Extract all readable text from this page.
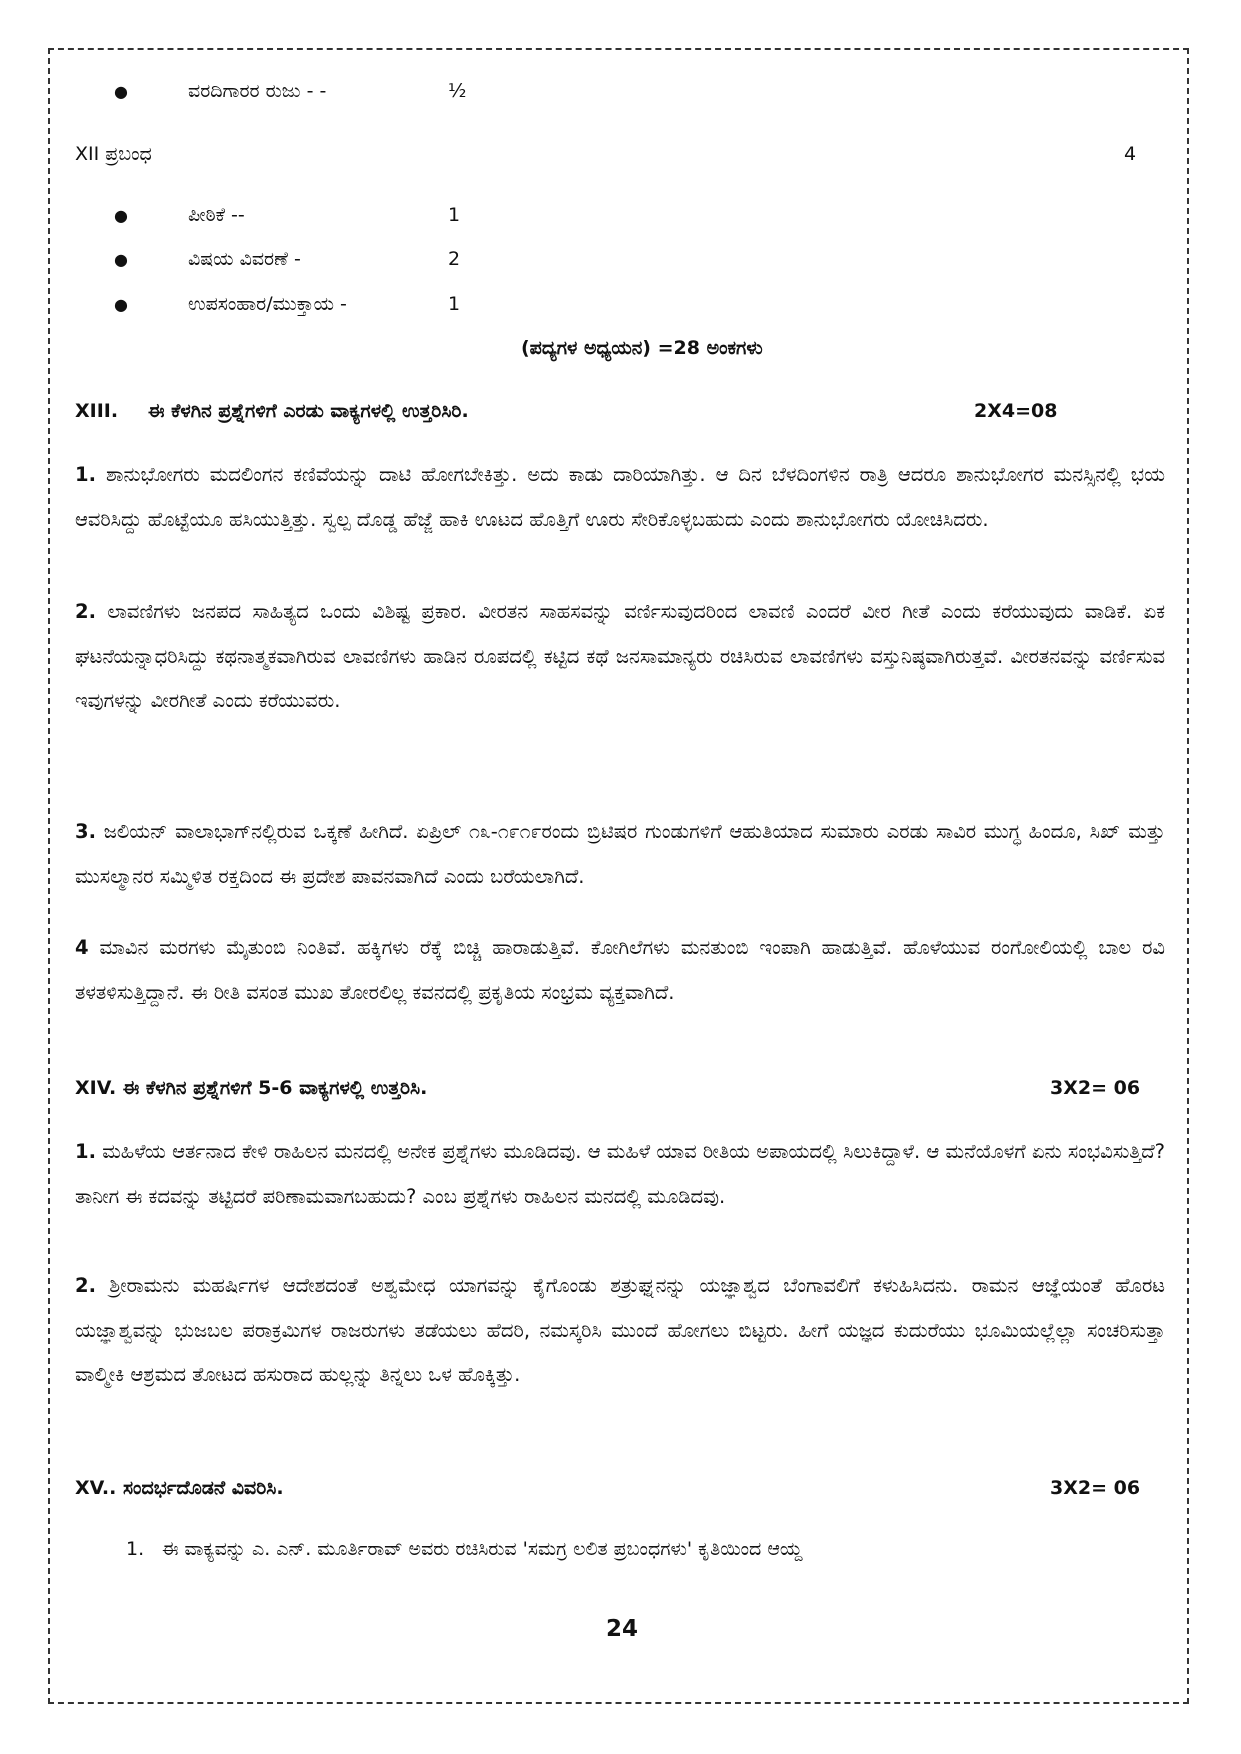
●	ವರದಿಗಾರರ ರುಜು - -	½
XII ಪ್ರಬಂಧ	4
●	ಪೀಠಿಕೆ --	1
●	ವಿಷಯ ವಿವರಣೆ -	2
●	ಉಪಸಂಹಾರ/ಮುಕ್ತಾಯ -	1
(ಪದ್ಯಗಳ ಅಧ್ಯಯನ) =28 ಅಂಕಗಳು
XIII. ಈ ಕೆಳಗಿನ ಪ್ರಶ್ನೆಗಳಿಗೆ ಎರಡು ವಾಕ್ಯಗಳಲ್ಲಿ ಉತ್ತರಿಸಿರಿ.	2X4=08
1. ಶಾನುಭೋಗರು ಮದಲಿಂಗನ ಕಣಿವೆಯನ್ನು ದಾಟಿ ಹೋಗಬೇಕಿತ್ತು. ಅದು ಕಾಡು ದಾರಿಯಾಗಿತ್ತು. ಆ ದಿನ ಬೆಳದಿಂಗಳಿನ ರಾತ್ರಿ ಆದರೂ ಶಾನುಭೋಗರ ಮನಸ್ಸಿನಲ್ಲಿ ಭಯ ಆವರಿಸಿದ್ದು ಹೊಟ್ಟೆಯೂ ಹಸಿಯುತ್ತಿತ್ತು. ಸ್ವಲ್ಪ ದೊಡ್ಡ ಹೆಜ್ಜೆ ಹಾಕಿ ಊಟದ ಹೊತ್ತಿಗೆ ಊರು ಸೇರಿಕೊಳ್ಳಬಹುದು ಎಂದು ಶಾನುಭೋಗರು ಯೋಚಿಸಿದರು.
2. ಲಾವಣಿಗಳು ಜನಪದ ಸಾಹಿತ್ಯದ ಒಂದು ವಿಶಿಷ್ಟ ಪ್ರಕಾರ. ವೀರತನ ಸಾಹಸವನ್ನು ವರ್ಣಿಸುವುದರಿಂದ ಲಾವಣಿ ಎಂದರೆ ವೀರ ಗೀತೆ ಎಂದು ಕರೆಯುವುದು ವಾಡಿಕೆ. ಏಕ ಘಟನೆಯನ್ನಾಧರಿಸಿದ್ದು ಕಥನಾತ್ಮಕವಾಗಿರುವ ಲಾವಣಿಗಳು ಹಾಡಿನ ರೂಪದಲ್ಲಿ ಕಟ್ಟಿದ ಕಥೆ ಜನಸಾಮಾನ್ಯರು ರಚಿಸಿರುವ ಲಾವಣಿಗಳು ವಸ್ತುನಿಷ್ಠವಾಗಿರುತ್ತವೆ. ವೀರತನವನ್ನು ವರ್ಣಿಸುವ ಇವುಗಳನ್ನು ವೀರಗೀತೆ ಎಂದು ಕರೆಯುವರು.
3. ಜಲಿಯನ್ ವಾಲಾಭಾಗ್‌ನಲ್ಲಿರುವ ಒಕ್ಕಣೆ ಹೀಗಿದೆ. ಏಪ್ರಿಲ್ ೧೩-೧೯೧೯ರಂದು ಬ್ರಿಟಿಷರ ಗುಂಡುಗಳಿಗೆ ಆಹುತಿಯಾದ ಸುಮಾರು ಎರಡು ಸಾವಿರ ಮುಗ್ಧ ಹಿಂದೂ, ಸಿಖ್ ಮತ್ತು ಮುಸಲ್ಮಾನರ ಸಮ್ಮಿಳಿತ ರಕ್ತದಿಂದ ಈ ಪ್ರದೇಶ ಪಾವನವಾಗಿದೆ ಎಂದು ಬರೆಯಲಾಗಿದೆ.
4 ಮಾವಿನ ಮರಗಳು ಮೈತುಂಬಿ ನಿಂತಿವೆ. ಹಕ್ಕಿಗಳು ರೆಕ್ಕೆ ಬಿಚ್ಚಿ ಹಾರಾಡುತ್ತಿವೆ. ಕೋಗಿಲೆಗಳು ಮನತುಂಬಿ ಇಂಪಾಗಿ ಹಾಡುತ್ತಿವೆ. ಹೊಳೆಯುವ ರಂಗೋಲಿಯಲ್ಲಿ ಬಾಲ ರವಿ ತಳತಳಿಸುತ್ತಿದ್ದಾನೆ. ಈ ರೀತಿ ವಸಂತ ಮುಖ ತೋರಲಿಲ್ಲ ಕವನದಲ್ಲಿ ಪ್ರಕೃತಿಯ ಸಂಭ್ರಮ ವ್ಯಕ್ತವಾಗಿದೆ.
XIV. ಈ ಕೆಳಗಿನ ಪ್ರಶ್ನೆಗಳಿಗೆ 5-6 ವಾಕ್ಯಗಳಲ್ಲಿ ಉತ್ತರಿಸಿ.	3X2= 06
1. ಮಹಿಳೆಯ ಆರ್ತನಾದ ಕೇಳಿ ರಾಹಿಲನ ಮನದಲ್ಲಿ ಅನೇಕ ಪ್ರಶ್ನೆಗಳು ಮೂಡಿದವು. ಆ ಮಹಿಳೆ ಯಾವ ರೀತಿಯ ಅಪಾಯದಲ್ಲಿ ಸಿಲುಕಿದ್ದಾಳೆ. ಆ ಮನೆಯೊಳಗೆ ಏನು ಸಂಭವಿಸುತ್ತಿದೆ? ತಾನೀಗ ಈ ಕದವನ್ನು ತಟ್ಟಿದರೆ ಪರಿಣಾಮವಾಗಬಹುದು? ಎಂಬ ಪ್ರಶ್ನೆಗಳು ರಾಹಿಲನ ಮನದಲ್ಲಿ ಮೂಡಿದವು.
2. ಶ್ರೀರಾಮನು ಮಹರ್ಷಿಗಳ ಆದೇಶದಂತೆ ಅಶ್ವಮೇಧ ಯಾಗವನ್ನು ಕೈಗೊಂಡು ಶತ್ರುಘ್ನನನ್ನು ಯಜ್ಞಾಶ್ವದ ಬೆಂಗಾವಲಿಗೆ ಕಳುಹಿಸಿದನು. ರಾಮನ ಆಜ್ಞೆಯಂತೆ ಹೊರಟ ಯಜ್ಞಾಶ್ವವನ್ನು ಭುಜಬಲ ಪರಾಕ್ರಮಿಗಳ ರಾಜರುಗಳು ತಡೆಯಲು ಹೆದರಿ, ನಮಸ್ಕರಿಸಿ ಮುಂದೆ ಹೋಗಲು ಬಿಟ್ಟರು. ಹೀಗೆ ಯಜ್ಞದ ಕುದುರೆಯು ಭೂಮಿಯಲ್ಲೆಲ್ಲಾ ಸಂಚರಿಸುತ್ತಾ ವಾಲ್ಮೀಕಿ ಆಶ್ರಮದ ತೋಟದ ಹಸುರಾದ ಹುಲ್ಲನ್ನು ತಿನ್ನಲು ಒಳ ಹೊಕ್ಕಿತ್ತು.
XV.. ಸಂದರ್ಭದೊಡನೆ ವಿವರಿಸಿ.	3X2= 06
1. ಈ ವಾಕ್ಯವನ್ನು ಎ. ಎನ್. ಮೂರ್ತಿರಾವ್ ಅವರು ರಚಿಸಿರುವ 'ಸಮಗ್ರ ಲಲಿತ ಪ್ರಬಂಧಗಳು' ಕೃತಿಯಿಂದ ಆಯ್ದ
24
